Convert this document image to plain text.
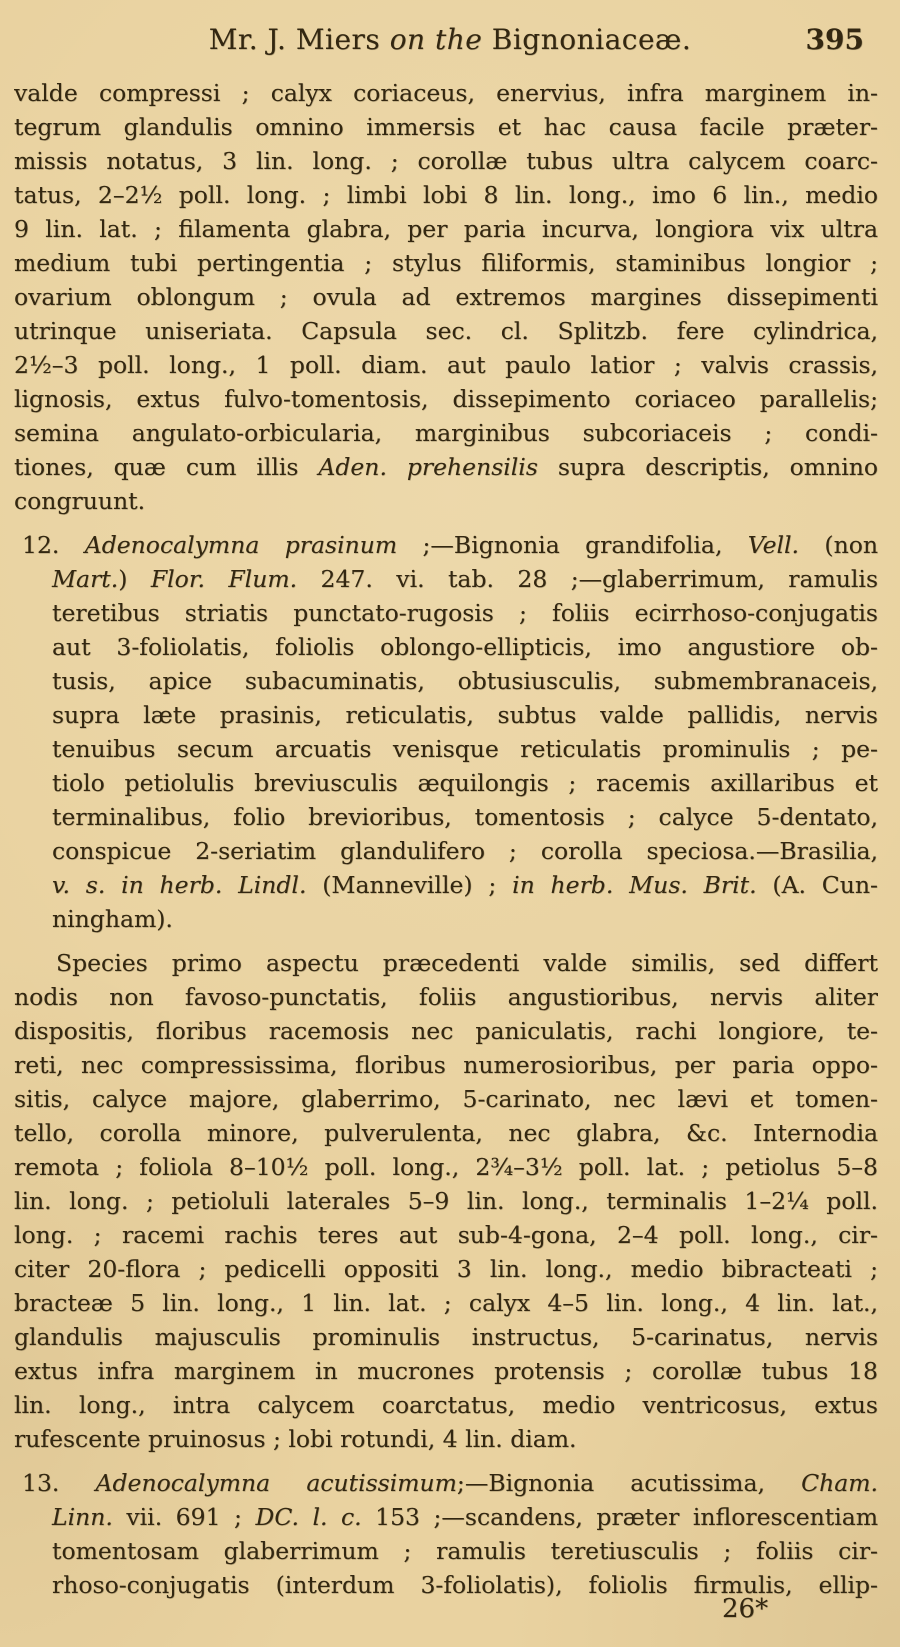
Mr. J. Miers on the Bignoniaceæ.	395
valde compressi ; calyx coriaceus, enervius, infra marginem in-
tegrum glandulis omnino immersis et hac causa facile præter-
missis notatus, 3 lin. long. ; corollæ tubus ultra calycem coarc-
tatus, 2–2½ poll. long. ; limbi lobi 8 lin. long., imo 6 lin., medio
9 lin. lat. ; filamenta glabra, per paria incurva, longiora vix ultra
medium tubi pertingentia ; stylus filiformis, staminibus longior ;
ovarium oblongum ; ovula ad extremos margines dissepimenti
utrinque uniseriata. Capsula sec. cl. Splitzb. fere cylindrica,
2½–3 poll. long., 1 poll. diam. aut paulo latior ; valvis crassis,
lignosis, extus fulvo-tomentosis, dissepimento coriaceo parallelis;
semina angulato-orbicularia, marginibus subcoriaceis ; condi-
tiones, quæ cum illis Aden. prehensilis supra descriptis, omnino
congruunt.
12. Adenocalymna prasinum ;—Bignonia grandifolia, Vell. (non
Mart.) Flor. Flum. 247. vi. tab. 28 ;—glaberrimum, ramulis
teretibus striatis punctato-rugosis ; foliis ecirrhoso-conjugatis
aut 3-foliolatis, foliolis oblongo-ellipticis, imo angustiore ob-
tusis, apice subacuminatis, obtusiusculis, submembranaceis,
supra læte prasinis, reticulatis, subtus valde pallidis, nervis
tenuibus secum arcuatis venisque reticulatis prominulis ; pe-
tiolo petiolulis breviusculis æquilongis ; racemis axillaribus et
terminalibus, folio brevioribus, tomentosis ; calyce 5-dentato,
conspicue 2-seriatim glandulifero ; corolla speciosa.—Brasilia,
v. s. in herb. Lindl. (Manneville) ; in herb. Mus. Brit. (A. Cun-
ningham).
Species primo aspectu præcedenti valde similis, sed differt
nodis non favoso-punctatis, foliis angustioribus, nervis aliter
dispositis, floribus racemosis nec paniculatis, rachi longiore, te-
reti, nec compressissima, floribus numerosioribus, per paria oppo-
sitis, calyce majore, glaberrimo, 5-carinato, nec lævi et tomen-
tello, corolla minore, pulverulenta, nec glabra, &c. Internodia
remota ; foliola 8–10½ poll. long., 2¾–3½ poll. lat. ; petiolus 5–8
lin. long. ; petioluli laterales 5–9 lin. long., terminalis 1–2¼ poll.
long. ; racemi rachis teres aut sub-4-gona, 2–4 poll. long., cir-
citer 20-flora ; pedicelli oppositi 3 lin. long., medio bibracteati ;
bracteæ 5 lin. long., 1 lin. lat. ; calyx 4–5 lin. long., 4 lin. lat.,
glandulis majusculis prominulis instructus, 5-carinatus, nervis
extus infra marginem in mucrones protensis ; corollæ tubus 18
lin. long., intra calycem coarctatus, medio ventricosus, extus
rufescente pruinosus ; lobi rotundi, 4 lin. diam.
13. Adenocalymna acutissimum;—Bignonia acutissima, Cham.
Linn. vii. 691 ; DC. l. c. 153 ;—scandens, præter inflorescentiam
tomentosam glaberrimum ; ramulis teretiusculis ; foliis cir-
rhoso-conjugatis (interdum 3-foliolatis), foliolis firmulis, ellip-
26*
